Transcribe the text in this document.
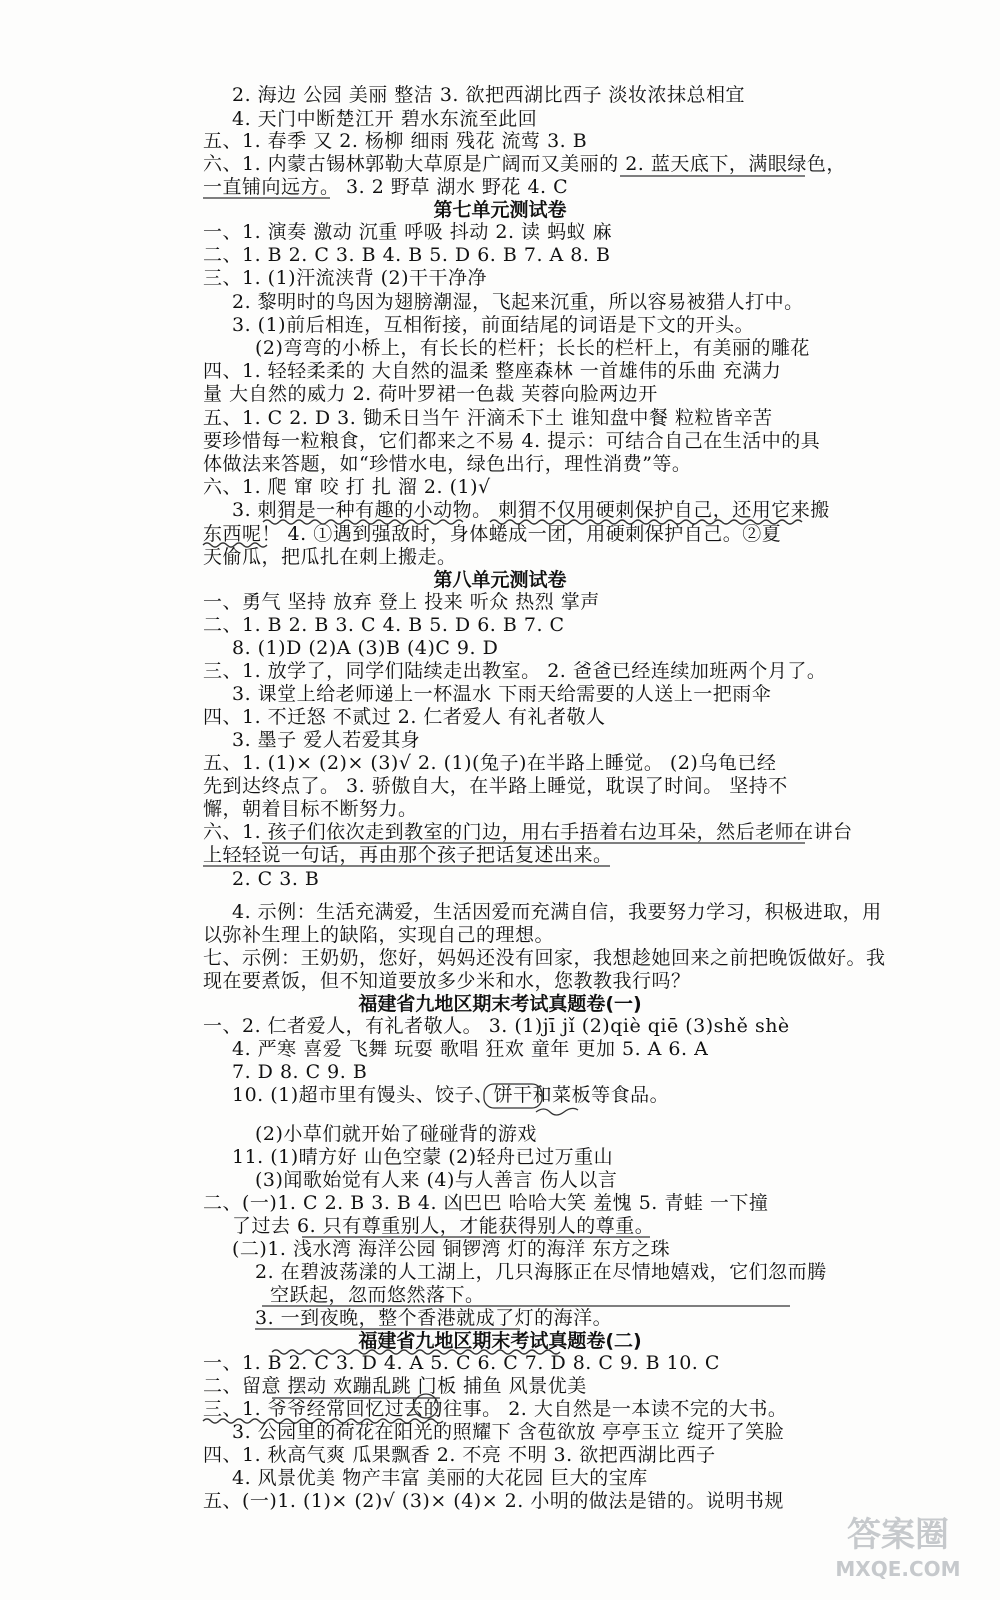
2. 海边 公园 美丽 整洁 3. 欲把西湖比西子 淡妆浓抹总相宜
4. 天门中断楚江开 碧水东流至此回
五、1. 春季 又 2. 杨柳 细雨 残花 流莺 3. B
六、1. 内蒙古锡林郭勒大草原是广阔而又美丽的 2. 蓝天底下，满眼绿色，
一直铺向远方。 3. 2 野草 湖水 野花 4. C
第七单元测试卷
一、1. 演奏 激动 沉重 呼吸 抖动 2. 读 蚂蚁 麻
二、1. B 2. C 3. B 4. B 5. D 6. B 7. A 8. B
三、1. (1)汗流浃背 (2)干干净净
2. 黎明时的鸟因为翅膀潮湿，飞起来沉重，所以容易被猎人打中。
3. (1)前后相连，互相衔接，前面结尾的词语是下文的开头。
(2)弯弯的小桥上，有长长的栏杆；长长的栏杆上，有美丽的雕花
四、1. 轻轻柔柔的 大自然的温柔 整座森林 一首雄伟的乐曲 充满力
量 大自然的威力 2. 荷叶罗裙一色裁 芙蓉向脸两边开
五、1. C 2. D 3. 锄禾日当午 汗滴禾下土 谁知盘中餐 粒粒皆辛苦
要珍惜每一粒粮食，它们都来之不易 4. 提示：可结合自己在生活中的具
体做法来答题，如“珍惜水电，绿色出行，理性消费”等。
六、1. 爬 窜 咬 打 扎 溜 2. (1)√
3. 刺猬是一种有趣的小动物。 刺猬不仅用硬刺保护自己，还用它来搬
东西呢！ 4. ①遇到强敌时，身体蜷成一团，用硬刺保护自己。②夏
天偷瓜，把瓜扎在刺上搬走。
第八单元测试卷
一、勇气 坚持 放弃 登上 投来 听众 热烈 掌声
二、1. B 2. B 3. C 4. B 5. D 6. B 7. C
8. (1)D (2)A (3)B (4)C 9. D
三、1. 放学了，同学们陆续走出教室。 2. 爸爸已经连续加班两个月了。
3. 课堂上给老师递上一杯温水 下雨天给需要的人送上一把雨伞
四、1. 不迁怒 不贰过 2. 仁者爱人 有礼者敬人
3. 墨子 爱人若爱其身
五、1. (1)× (2)× (3)√ 2. (1)(兔子)在半路上睡觉。 (2)乌龟已经
先到达终点了。 3. 骄傲自大，在半路上睡觉，耽误了时间。 坚持不
懈，朝着目标不断努力。
六、1. 孩子们依次走到教室的门边，用右手捂着右边耳朵，然后老师在讲台
上轻轻说一句话，再由那个孩子把话复述出来。
2. C 3. B
4. 示例：生活充满爱，生活因爱而充满自信，我要努力学习，积极进取，用
以弥补生理上的缺陷，实现自己的理想。
七、示例：王奶奶，您好，妈妈还没有回家，我想趁她回来之前把晚饭做好。我
现在要煮饭，但不知道要放多少米和水，您教教我行吗？
福建省九地区期末考试真题卷(一)
一、2. 仁者爱人，有礼者敬人。 3. (1)jī jǐ (2)qiè qiē (3)shě shè
4. 严寒 喜爱 飞舞 玩耍 歌唱 狂欢 童年 更加 5. A 6. A
7. D 8. C 9. B
10. (1)超市里有馒头、饺子、饼干和菜板等食品。
(2)小草们就开始了碰碰背的游戏
11. (1)晴方好 山色空蒙 (2)轻舟已过万重山
(3)闻歌始觉有人来 (4)与人善言 伤人以言
二、(一)1. C 2. B 3. B 4. 凶巴巴 哈哈大笑 羞愧 5. 青蛙 一下撞
了过去 6. 只有尊重别人，才能获得别人的尊重。
(二)1. 浅水湾 海洋公园 铜锣湾 灯的海洋 东方之珠
2. 在碧波荡漾的人工湖上，几只海豚正在尽情地嬉戏，它们忽而腾
空跃起，忽而悠然落下。
3. 一到夜晚，整个香港就成了灯的海洋。
福建省九地区期末考试真题卷(二)
一、1. B 2. C 3. D 4. A 5. C 6. C 7. D 8. C 9. B 10. C
二、留意 摆动 欢蹦乱跳 门板 捕鱼 风景优美
三、1. 爷爷经常回忆过去的往事。 2. 大自然是一本读不完的大书。
3. 公园里的荷花在阳光的照耀下 含苞欲放 亭亭玉立 绽开了笑脸
四、1. 秋高气爽 瓜果飘香 2. 不亮 不明 3. 欲把西湖比西子
4. 风景优美 物产丰富 美丽的大花园 巨大的宝库
五、(一)1. (1)× (2)√ (3)× (4)× 2. 小明的做法是错的。说明书规
答案圈
MXQE.COM
